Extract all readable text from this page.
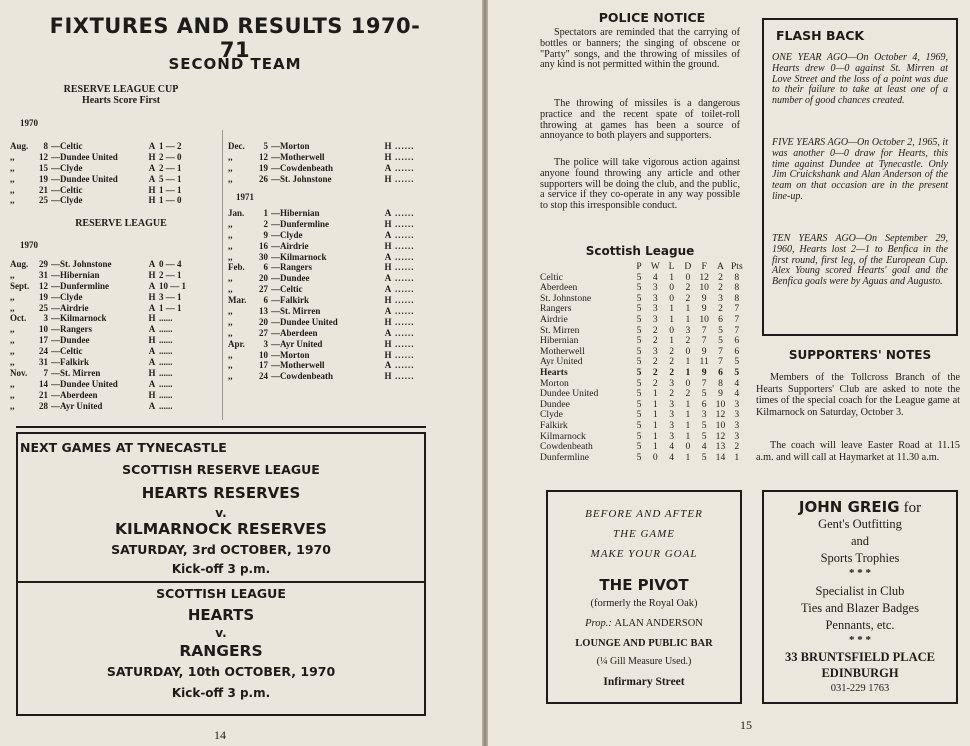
FIXTURES AND RESULTS 1970-71
SECOND TEAM
RESERVE LEAGUE CUP
Hearts Score First
1970
Aug.	8 —Celtic	A 1 — 2
,,	12 —Dundee United	H 2 — 0
,,	15 —Clyde	A 2 — 1
,,	19 —Dundee United	A 5 — 1
,,	21 —Celtic	H 1 — 1
,,	25 —Clyde	H 1 — 0
RESERVE LEAGUE
1970
Aug.	29 —St. Johnstone	A 0 — 4
,,	31 —Hibernian	H 2 — 1
Sept.	12 —Dunfermline	A 10 — 1
,,	19 —Clyde	H 3 — 1
,,	25 —Airdrie	A 1 — 1
Oct.	3 —Kilmarnock	H ......
,,	10 —Rangers	A ......
,,	17 —Dundee	H ......
,,	24 —Celtic	A ......
,,	31 —Falkirk	A ......
Nov.	7 —St. Mirren	H ......
,,	14 —Dundee United	A ......
,,	21 —Aberdeen	H ......
,,	28 —Ayr United	A ......
Dec.	5 —Morton	H ......
,,	12 —Motherwell	H ......
,,	19 —Cowdenbeath	A ......
,,	26 —St. Johnstone	H ......
1971
Jan.	1 —Hibernian	A ......
,,	2 —Dunfermline	H ......
,,	9 —Clyde	A ......
,,	16 —Airdrie	H ......
,,	30 —Kilmarnock	A ......
Feb.	6 —Rangers	H ......
,,	20 —Dundee	A ......
,,	27 —Celtic	A ......
Mar.	6 —Falkirk	H ......
,,	13 —St. Mirren	A ......
,,	20 —Dundee United	H ......
,,	27 —Aberdeen	A ......
Apr.	3 —Ayr United	H ......
,,	10 —Morton	H ......
,,	17 —Motherwell	A ......
,,	24 —Cowdenbeath	H ......
NEXT GAMES AT TYNECASTLE
SCOTTISH RESERVE LEAGUE
HEARTS RESERVES
v.
KILMARNOCK RESERVES
SATURDAY, 3rd OCTOBER, 1970
Kick-off 3 p.m.
SCOTTISH LEAGUE
HEARTS
v.
RANGERS
SATURDAY, 10th OCTOBER, 1970
Kick-off 3 p.m.
14
POLICE NOTICE
Spectators are reminded that the carrying of bottles or banners; the singing of obscene or "Party" songs, and the throwing of missiles of any kind is not permitted within the ground.
The throwing of missiles is a dangerous practice and the recent spate of toilet-roll throwing at games has been a source of annoyance to both players and supporters.
The police will take vigorous action against anyone found throwing any article and other supporters will be doing the club, and the public, a service if they co-operate in any way possible to stop this irresponsible conduct.
FLASH BACK
ONE YEAR AGO—On October 4, 1969, Hearts drew 0—0 against St. Mirren at Love Street and the loss of a point was due to their failure to take at least one of a number of good chances created.
FIVE YEARS AGO—On October 2, 1965, it was another 0—0 draw for Hearts, this time against Dundee at Tynecastle. Only Jim Cruickshank and Alan Anderson of the team on that occasion are in the present line-up.
TEN YEARS AGO—On September 29, 1960, Hearts lost 2—1 to Benfica in the first round, first leg, of the European Cup. Alex Young scored Hearts' goal and the Benfica goals were by Aguas and Augusto.
SUPPORTERS' NOTES
Members of the Tollcross Branch of the Hearts Supporters' Club are asked to note the times of the special coach for the League game at Kilmarnock on Saturday, October 3.
The coach will leave Easter Road at 11.15 a.m. and will call at Haymarket at 11.30 a.m.
Scottish League
	P	W	L	D	F	A	Pts
Celtic	5	4	1	0	12	2	8
Aberdeen	5	3	0	2	10	2	8
St. Johnstone	5	3	0	2	9	3	8
Rangers	5	3	1	1	9	2	7
Airdrie	5	3	1	1	10	6	7
St. Mirren	5	2	0	3	7	5	7
Hibernian	5	2	1	2	7	5	6
Motherwell	5	3	2	0	9	7	6
Ayr United	5	2	2	1	11	7	5
Hearts	5	2	2	1	9	6	5
Morton	5	2	3	0	7	8	4
Dundee United	5	1	2	2	5	9	4
Dundee	5	1	3	1	6	10	3
Clyde	5	1	3	1	3	12	3
Falkirk	5	1	3	1	5	10	3
Kilmarnock	5	1	3	1	5	12	3
Cowdenbeath	5	1	4	0	4	13	2
Dunfermline	5	0	4	1	5	14	1
BEFORE AND AFTER
THE GAME
MAKE YOUR GOAL
THE PIVOT
(formerly the Royal Oak)
Prop.: ALAN ANDERSON
LOUNGE AND PUBLIC BAR
(¼ Gill Measure Used.)
Infirmary Street
JOHN GREIG for
Gent's Outfitting
and
Sports Trophies
* * *
Specialist in Club
Ties and Blazer Badges
Pennants, etc.
* * *
33 BRUNTSFIELD PLACE
EDINBURGH
031-229 1763
15
